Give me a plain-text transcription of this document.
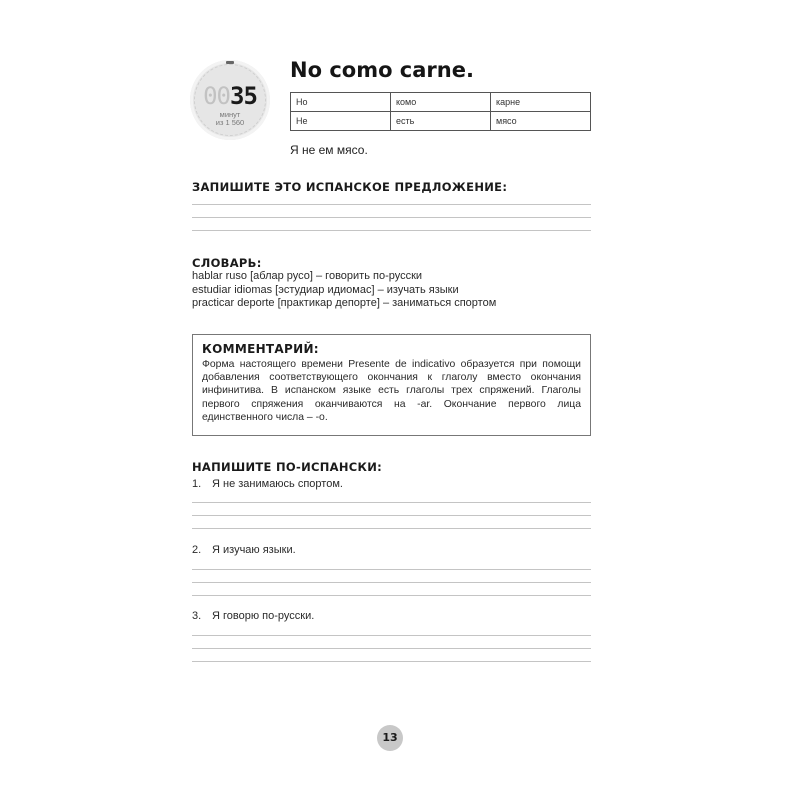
0035
минут
из 1 560
No como carne.
Но	комо	карне
Не	есть	мясо
Я не ем мясо.
ЗАПИШИТЕ ЭТО ИСПАНСКОЕ ПРЕДЛОЖЕНИЕ:
СЛОВАРЬ:
hablar ruso [аблар русо] – говорить по-русски
estudiar idiomas [эстудиар идиомас] – изучать языки
practicar deporte [практикар депорте] – заниматься спортом
КОММЕНТАРИЙ:
Форма настоящего времени Presente de indicativo образуется при помощи добавления соответствующего окончания к глаголу вместо окончания инфинитива. В испанском языке есть глаголы трех спряжений. Глаголы первого спряжения оканчиваются на -ar. Окончание первого лица единственного числа – -o.
НАПИШИТЕ ПО-ИСПАНСКИ:
1. Я не занимаюсь спортом.
2. Я изучаю языки.
3. Я говорю по-русски.
13
